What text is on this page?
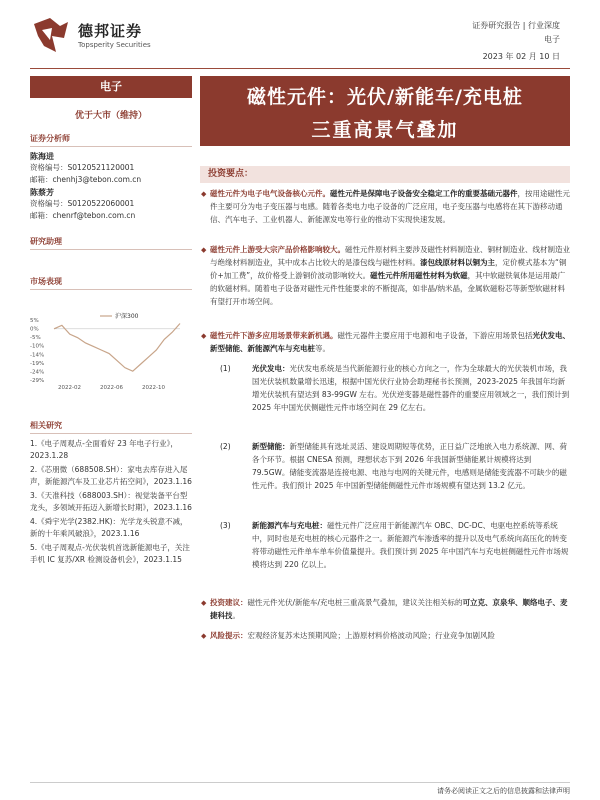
德邦证券
Topsperity Securities
证券研究报告 | 行业深度
电子
2023 年 02 月 10 日
电子
优于大市（维持）
证券分析师
陈海进
资格编号：S0120521120001
邮箱：chenhj3@tebon.com.cn
陈蔡芳
资格编号：S0120522060001
邮箱：chenrf@tebon.com.cn
研究助理
市场表现
5%
0%
-5%
-10%
-14%
-19%
-24%
-29%
2022-02	2022-06	2022-10
沪深300
相关研究
1.《电子周观点-全面看好 23 年电子行业》，2023.1.28
2.《芯朋微（688508.SH）：家电去库存进入尾声，新能源汽车及工业芯片拓空间》，2023.1.16
3.《天准科技（688003.SH）：视觉装备平台型龙头，多领域开拓迈入新增长时期》，2023.1.16
4.《舜宇光学(2382.HK)：光学龙头锐意不减，新的十年乘风破浪》，2023.1.16
5.《电子周观点-光伏装机首选新能源电子，关注手机 IC 复苏/XR 检测设备机会》，2023.1.15
磁性元件：光伏/新能车/充电桩
三重高景气叠加
投资要点：
◆ 磁性元件为电子电气设备核心元件。磁性元件是保障电子设备安全稳定工作的重要基础元器件，按用途磁性元件主要可分为电子变压器与电感。随着各类电力电子设备的广泛应用，电子变压器与电感将在其下游移动通信、汽车电子、工业机器人、新能源发电等行业的推动下实现快速发展。
◆ 磁性元件上游受大宗产品价格影响较大。磁性元件原材料主要涉及磁性材料制造业、铜材制造业、线材制造业与绝缘材料制造业，其中成本占比较大的是漆包线与磁性材料。漆包线原材料以铜为主，定价模式基本为“铜价+加工费”，故价格受上游铜价波动影响较大。磁性元件所用磁性材料为软磁，其中软磁铁氧体是运用最广的软磁材料。随着电子设备对磁性元件性能要求的不断提高，如非晶/纳米晶，金属软磁粉芯等新型软磁材料有望打开市场空间。
◆ 磁性元件下游多应用场景带来新机遇。磁性元器件主要应用于电源和电子设备，下游应用场景包括光伏发电、新型储能、新能源汽车与充电桩等。
(1)	光伏发电：光伏发电系统是当代新能源行业的核心方向之一，作为全球最大的光伏装机市场，我国光伏装机数量增长迅速，根据中国光伏行业协会助理秘书长预测，2023-2025 年我国年均新增光伏装机有望达到 83-99GW 左右。光伏逆变器是磁性器件的重要应用领域之一，我们预计到 2025 年中国光伏侧磁性元件市场空间在 29 亿左右。
(2)	新型储能：新型储能具有选址灵活、建设周期短等优势，正日益广泛地嵌入电力系统源、网、荷各个环节。根据 CNESA 预测，理想状态下到 2026 年我国新型储能累计规模将达到 79.5GW。储能变流器是连接电源、电池与电网的关键元件，电感则是储能变流器不可缺少的磁性元件。我们预计 2025 年中国新型储能侧磁性元件市场规模有望达到 13.2 亿元。
(3)	新能源汽车与充电桩：磁性元件广泛应用于新能源汽车 OBC、DC-DC、电驱电控系统等系统中，同时也是充电桩的核心元器件之一。新能源汽车渗透率的提升以及电气系统向高压化的转变将带动磁性元件单车单车价值量提升。我们预计到 2025 年中国汽车与充电桩侧磁性元件市场规模将达到 220 亿以上。
◆ 投资建议：磁性元件光伏/新能车/充电桩三重高景气叠加，建议关注相关标的可立克、京泉华、顺络电子、麦捷科技。
◆ 风险提示：宏观经济复苏未达预期风险；上游原材料价格波动风险；行业竞争加剧风险
请务必阅读正文之后的信息披露和法律声明
